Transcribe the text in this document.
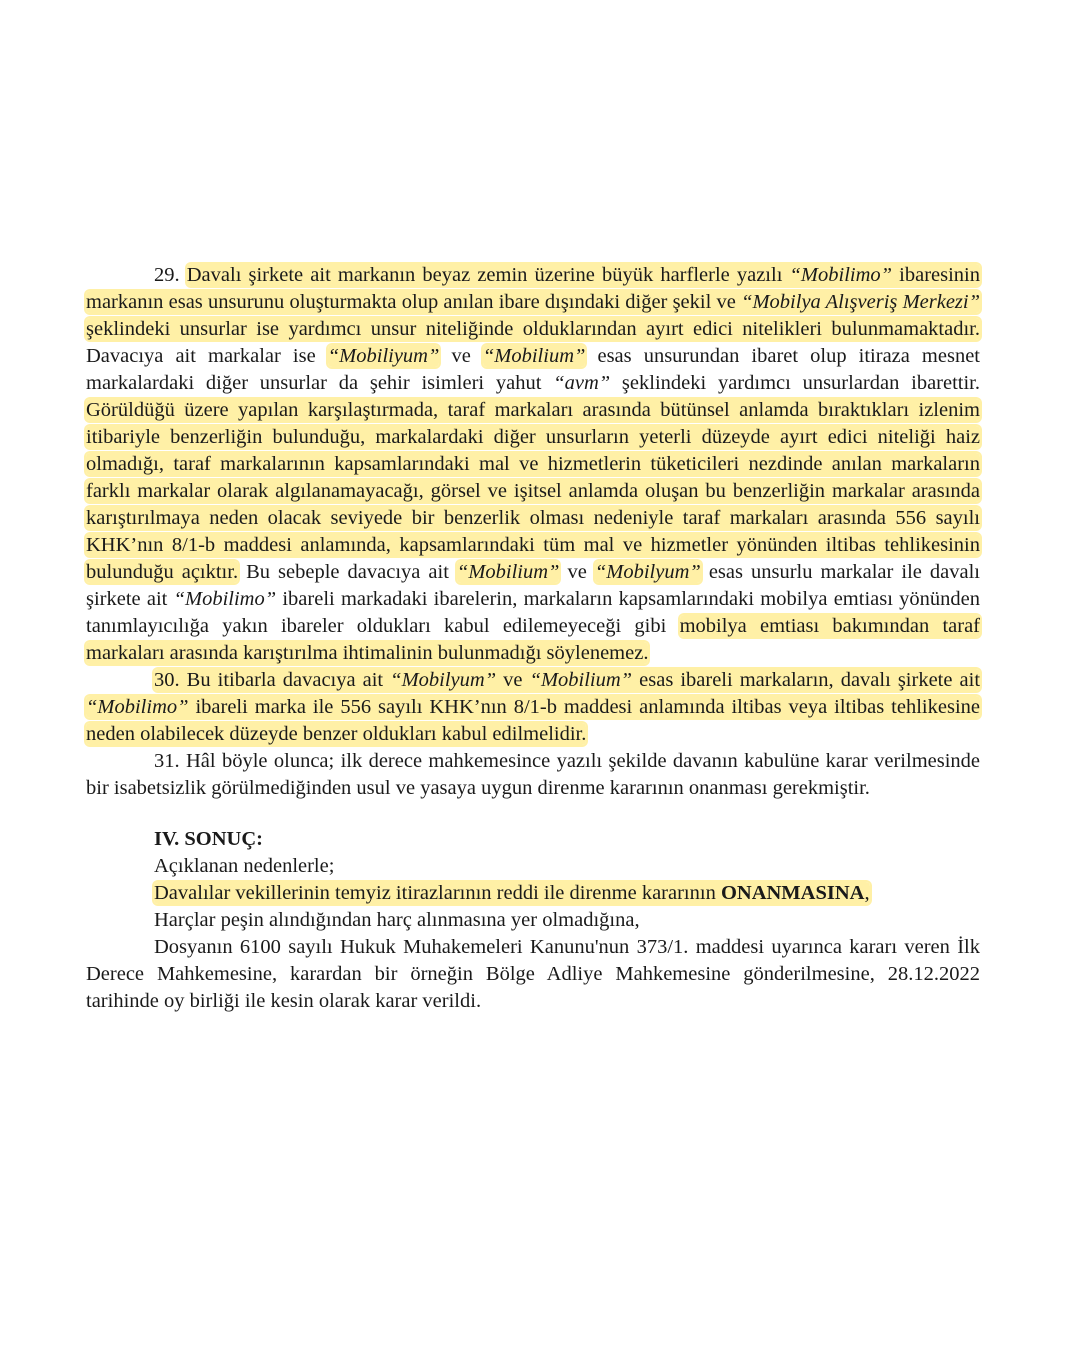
29. Davalı şirkete ait markanın beyaz zemin üzerine büyük harflerle yazılı “Mobilimo” ibaresinin markanın esas unsurunu oluşturmakta olup anılan ibare dışındaki diğer şekil ve “Mobilya Alışveriş Merkezi” şeklindeki unsurlar ise yardımcı unsur niteliğinde olduklarından ayırt edici nitelikleri bulunmamaktadır. Davacıya ait markalar ise “Mobiliyum” ve “Mobilium” esas unsurundan ibaret olup itiraza mesnet markalardaki diğer unsurlar da şehir isimleri yahut “avm” şeklindeki yardımcı unsurlardan ibarettir. Görüldüğü üzere yapılan karşılaştırmada, taraf markaları arasında bütünsel anlamda bıraktıkları izlenim itibariyle benzerliğin bulunduğu, markalardaki diğer unsurların yeterli düzeyde ayırt edici niteliği haiz olmadığı, taraf markalarının kapsamlarındaki mal ve hizmetlerin tüketicileri nezdinde anılan markaların farklı markalar olarak algılanamayacağı, görsel ve işitsel anlamda oluşan bu benzerliğin markalar arasında karıştırılmaya neden olacak seviyede bir benzerlik olması nedeniyle taraf markaları arasında 556 sayılı KHK’nın 8/1-b maddesi anlamında, kapsamlarındaki tüm mal ve hizmetler yönünden iltibas tehlikesinin bulunduğu açıktır. Bu sebeple davacıya ait “Mobilium” ve “Mobilyum” esas unsurlu markalar ile davalı şirkete ait “Mobilimo” ibareli markadaki ibarelerin, markaların kapsamlarındaki mobilya emtiası yönünden tanımlayıcılığa yakın ibareler oldukları kabul edilemeyeceği gibi mobilya emtiası bakımından taraf markaları arasında karıştırılma ihtimalinin bulunmadığı söylenemez.

30. Bu itibarla davacıya ait “Mobilyum” ve “Mobilium” esas ibareli markaların, davalı şirkete ait “Mobilimo” ibareli marka ile 556 sayılı KHK’nın 8/1-b maddesi anlamında iltibas veya iltibas tehlikesine neden olabilecek düzeyde benzer oldukları kabul edilmelidir.

31. Hâl böyle olunca; ilk derece mahkemesince yazılı şekilde davanın kabulüne karar verilmesinde bir isabetsizlik görülmediğinden usul ve yasaya uygun direnme kararının onanması gerekmiştir.

IV. SONUÇ:

Açıklanan nedenlerle;

Davalılar vekillerinin temyiz itirazlarının reddi ile direnme kararının ONANMASINA,

Harçlar peşin alındığından harç alınmasına yer olmadığına,

Dosyanın 6100 sayılı Hukuk Muhakemeleri Kanunu'nun 373/1. maddesi uyarınca kararı veren İlk Derece Mahkemesine, karardan bir örneğin Bölge Adliye Mahkemesine gönderilmesine, 28.12.2022 tarihinde oy birliği ile kesin olarak karar verildi.
